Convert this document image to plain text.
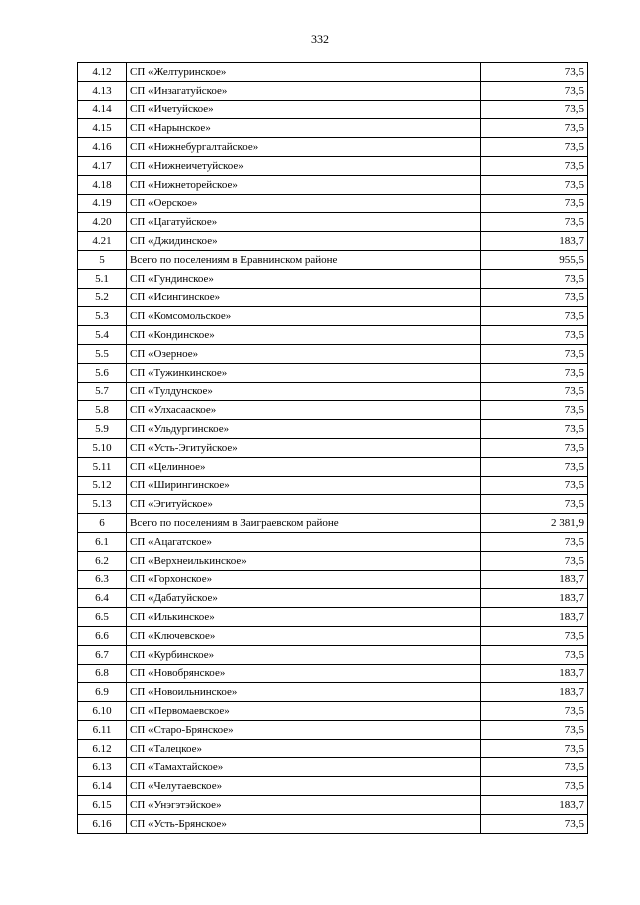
332
4.12	СП «Желтуринское»	73,5
4.13	СП «Инзагатуйское»	73,5
4.14	СП «Ичетуйское»	73,5
4.15	СП «Нарынское»	73,5
4.16	СП «Нижнебургалтайское»	73,5
4.17	СП «Нижнеичетуйское»	73,5
4.18	СП «Нижнеторейское»	73,5
4.19	СП «Оерское»	73,5
4.20	СП «Цагатуйское»	73,5
4.21	СП «Джидинское»	183,7
5	Всего по поселениям в Еравнинском районе	955,5
5.1	СП «Гундинское»	73,5
5.2	СП «Исингинское»	73,5
5.3	СП «Комсомольское»	73,5
5.4	СП «Кондинское»	73,5
5.5	СП «Озерное»	73,5
5.6	СП «Тужинкинское»	73,5
5.7	СП «Тулдунское»	73,5
5.8	СП «Улхасаaское»	73,5
5.9	СП «Ульдургинское»	73,5
5.10	СП «Усть-Эгитуйское»	73,5
5.11	СП «Целинное»	73,5
5.12	СП «Ширингинское»	73,5
5.13	СП «Эгитуйское»	73,5
6	Всего по поселениям в Заиграевском районе	2 381,9
6.1	СП «Ацагатское»	73,5
6.2	СП «Верхнеилькинское»	73,5
6.3	СП «Горхонское»	183,7
6.4	СП «Дабатуйское»	183,7
6.5	СП «Илькинское»	183,7
6.6	СП «Ключевское»	73,5
6.7	СП «Курбинское»	73,5
6.8	СП «Новобрянское»	183,7
6.9	СП «Новоильнинское»	183,7
6.10	СП «Первомаевское»	73,5
6.11	СП «Старо-Брянское»	73,5
6.12	СП «Талецкое»	73,5
6.13	СП «Тамахтайское»	73,5
6.14	СП «Челутаевское»	73,5
6.15	СП «Унэгэтэйское»	183,7
6.16	СП «Усть-Брянское»	73,5
